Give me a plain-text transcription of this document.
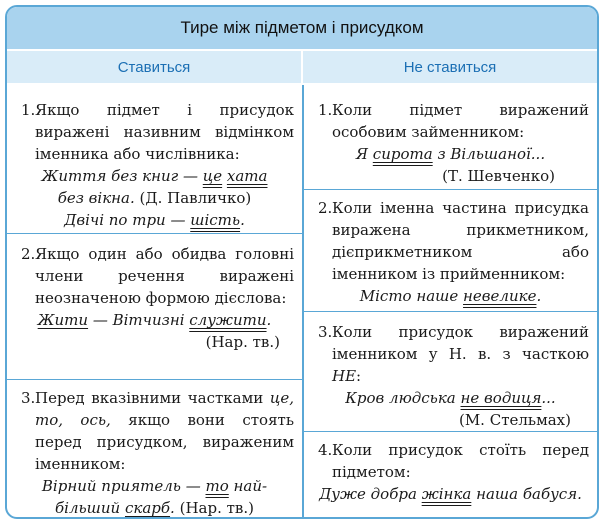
Тире між підметом і присудком
Ставиться	Не ставиться
1. Якщо підмет і присудок виражені називним відмінком іменника або числівника:
Життя без книг — це хата
без вікна. (Д. Павличко)
Двічі по три — шість.
2. Якщо один або обидва головні члени речення виражені неозначеною формою дієслова:
Жити — Вітчизні служити.
(Нар. тв.)
3. Перед вказівними частками це, то, ось, якщо вони стоять перед присудком, вираженим іменником:
Вірний приятель — то най-
більший скарб. (Нар. тв.)
1. Коли підмет виражений особовим займенником:
Я сирота з Вільшаної...
(Т. Шевченко)
2. Коли іменна частина присудка виражена прикметником, дієприкметником або іменником із прийменником:
Місто наше невелике.
3. Коли присудок виражений іменником у Н. в. з часткою НЕ:
Кров людська не водиця...
(М. Стельмах)
4. Коли присудок стоїть перед підметом:
Дуже добра жінка наша бабуся.
